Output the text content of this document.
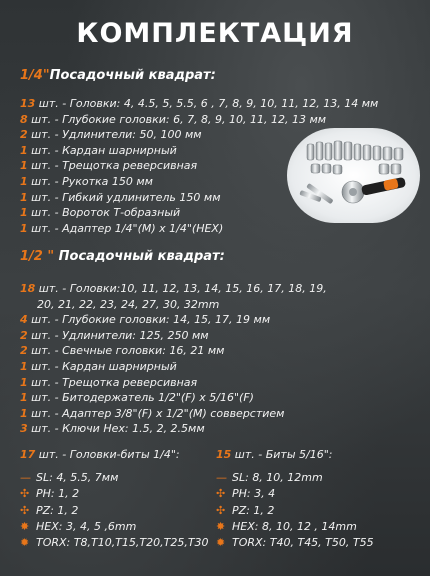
КОМПЛЕКТАЦИЯ
1/4"Посадочный квадрат:
13 шт. - Головки: 4, 4.5, 5, 5.5, 6 , 7, 8, 9, 10, 11, 12, 13, 14 мм
8 шт. - Глубокие головки: 6, 7, 8, 9, 10, 11, 12, 13 мм
2 шт. - Удлинители: 50, 100 мм
1 шт. - Кардан шарнирный
1 шт. - Трещотка реверсивная
1 шт. - Рукотка 150 мм
1 шт. - Гибкий удлинитель 150 мм
1 шт. - Вороток Т-образный
1 шт. - Адаптер 1/4"(M) x 1/4"(HEX)
1/2 " Посадочный квадрат:
18 шт. - Головки:10, 11, 12, 13, 14, 15, 16, 17, 18, 19,
20, 21, 22, 23, 24, 27, 30, 32mm
4 шт. - Глубокие головки: 14, 15, 17, 19 мм
2 шт. - Удлинители: 125, 250 мм
2 шт. - Свечные головки: 16, 21 мм
1 шт. - Кардан шарнирный
1 шт. - Трещотка реверсивная
1 шт. - Битодержатель 1/2"(F) x 5/16"(F)
1 шт. - Адаптер 3/8"(F) x 1/2"(M) совверстием
3 шт. - Ключи Hex: 1.5, 2, 2.5мм
17 шт. - Головки-биты 1/4":
— SL: 4, 5.5, 7мм
✣ PH: 1, 2
✣ PZ: 1, 2
✸ HEX: 3, 4, 5 ,6mm
✹ TORX: T8,T10,T15,T20,T25,T30
15 шт. - Биты 5/16":
— SL: 8, 10, 12mm
✣ PH: 3, 4
✣ PZ: 1, 2
✸ HEX: 8, 10, 12 , 14mm
✹ TORX: T40, T45, T50, T55
